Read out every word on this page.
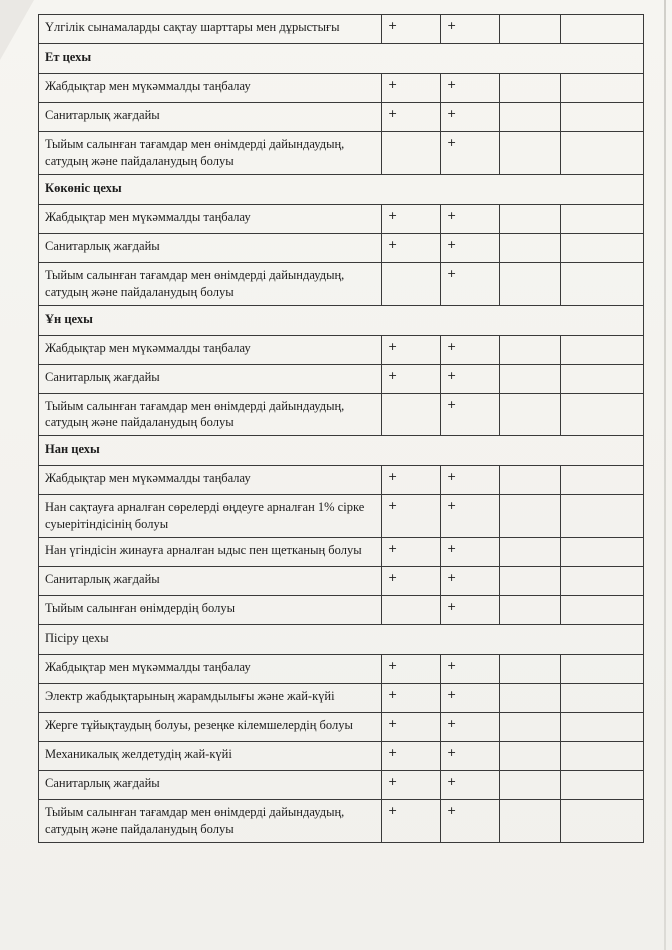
Үлгілік сынамаларды сақтау шарттары мен дұрыстығы	+	+		
Ет цехы				
Жабдықтар мен мүкәммалды таңбалау	+	+		
Санитарлық жағдайы	+	+		
Тыйым салынған тағамдар мен өнімдерді дайындаудың, сатудың және пайдаланудың болуы		+		
Көкөніс цехы				
Жабдықтар мен мүкәммалды таңбалау	+	+		
Санитарлық жағдайы	+	+		
Тыйым салынған тағамдар мен өнімдерді дайындаудың, сатудың және пайдаланудың болуы		+		
Ұн цехы				
Жабдықтар мен мүкәммалды таңбалау	+	+		
Санитарлық жағдайы	+	+		
Тыйым салынған тағамдар мен өнімдерді дайындаудың, сатудың және пайдаланудың болуы		+		
Нан цехы				
Жабдықтар мен мүкәммалды таңбалау	+	+		
Нан сақтауға арналған сөрелерді өңдеуге арналған 1% сірке суыерітіндісінің болуы	+	+		
Нан үгіндісін жинауға арналған ыдыс пен щетканың болуы	+	+		
Санитарлық жағдайы	+	+		
Тыйым салынған өнімдердің болуы		+		
Пісіру цехы				
Жабдықтар мен мүкәммалды таңбалау	+	+		
Электр жабдықтарының жарамдылығы және жай-күйі	+	+		
Жерге тұйықтаудың болуы, резеңке кілемшелердің болуы	+	+		
Механикалық желдетудің жай-күйі	+	+		
Санитарлық жағдайы	+	+		
Тыйым салынған тағамдар мен өнімдерді дайындаудың, сатудың және пайдаланудың болуы	+	+		
